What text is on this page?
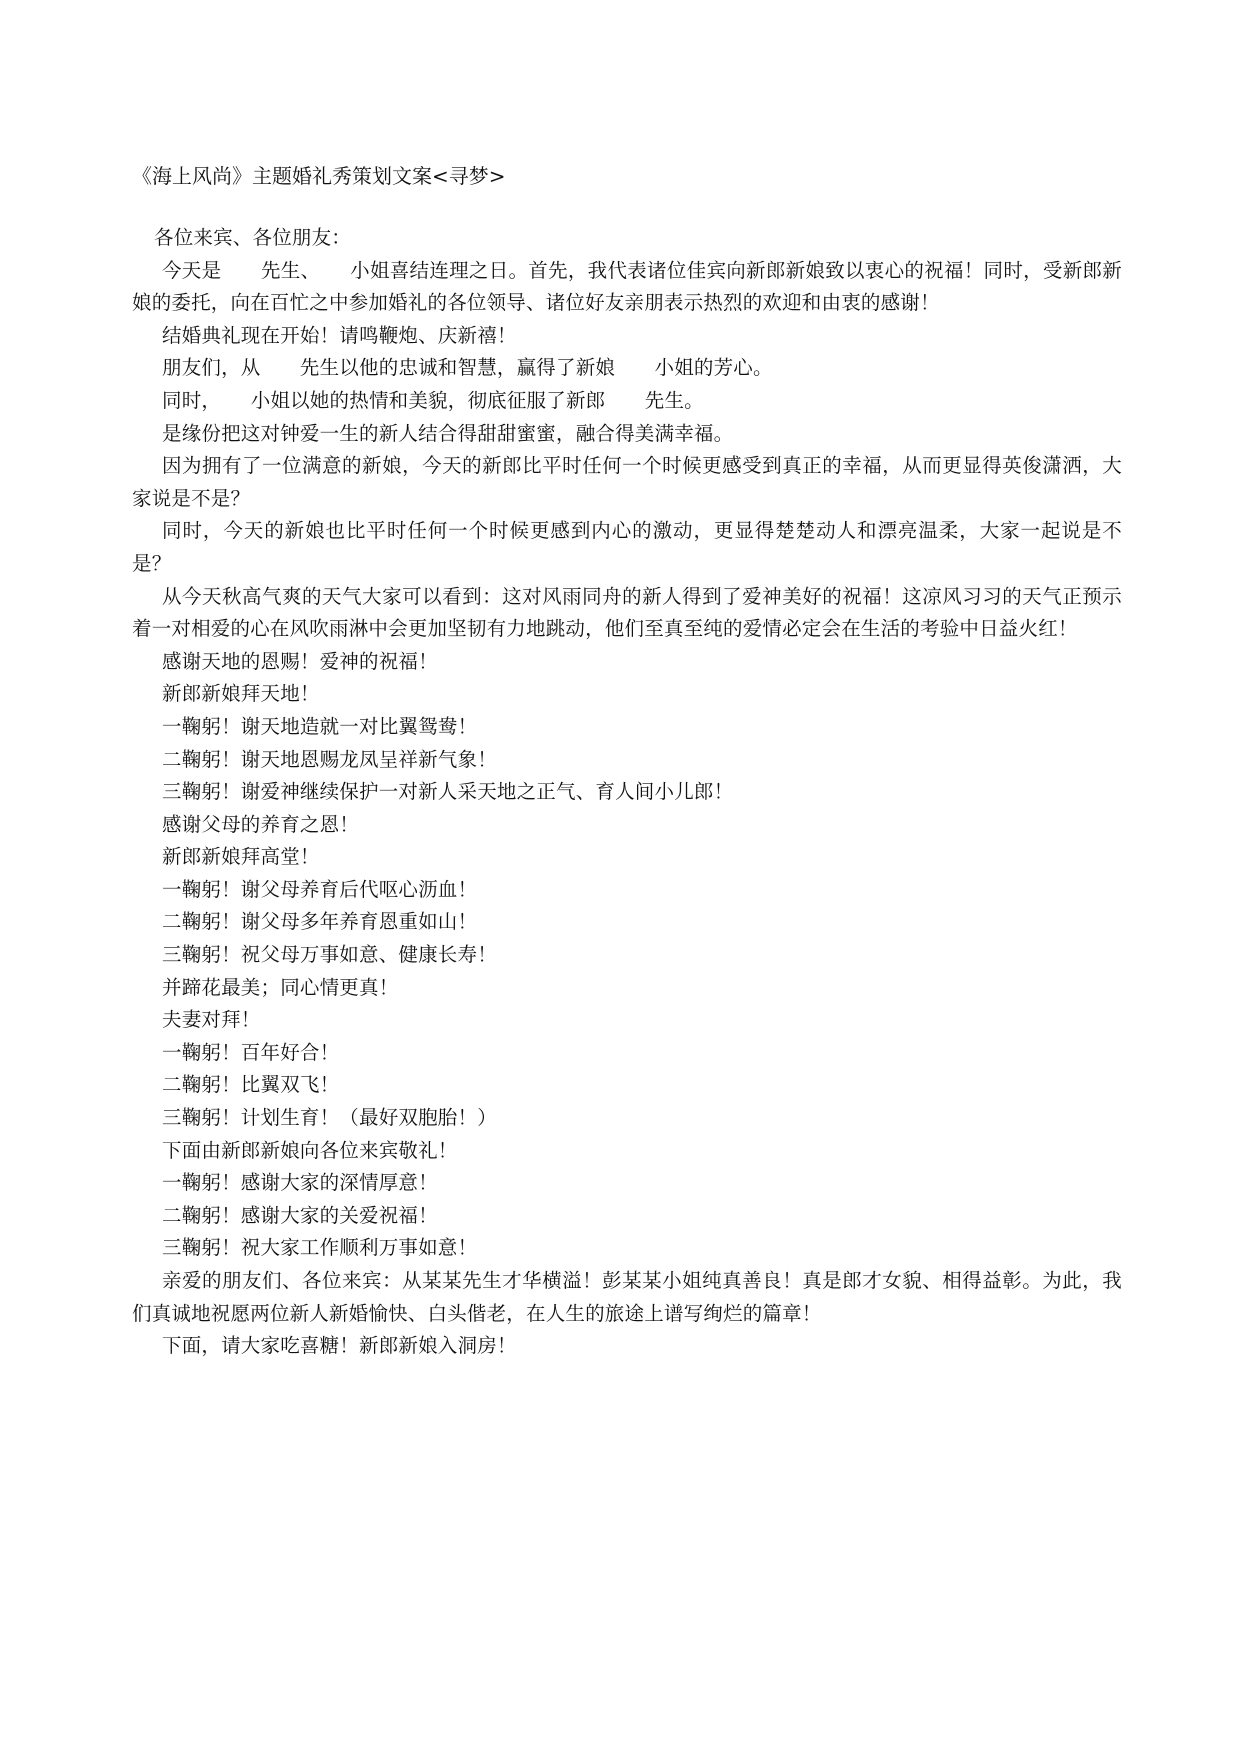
《海上风尚》主题婚礼秀策划文案<寻梦>

各位来宾、各位朋友：

今天是　　先生、　　小姐喜结连理之日。首先，我代表诸位佳宾向新郎新娘致以衷心的祝福！同时，受新郎新娘的委托，向在百忙之中参加婚礼的各位领导、诸位好友亲朋表示热烈的欢迎和由衷的感谢！

结婚典礼现在开始！请鸣鞭炮、庆新禧！

朋友们，从　　先生以他的忠诚和智慧，赢得了新娘　　小姐的芳心。

同时，　　小姐以她的热情和美貌，彻底征服了新郎　　先生。

是缘份把这对钟爱一生的新人结合得甜甜蜜蜜，融合得美满幸福。

因为拥有了一位满意的新娘，今天的新郎比平时任何一个时候更感受到真正的幸福，从而更显得英俊潇洒，大家说是不是？

同时，今天的新娘也比平时任何一个时候更感到内心的激动，更显得楚楚动人和漂亮温柔，大家一起说是不是？

从今天秋高气爽的天气大家可以看到：这对风雨同舟的新人得到了爱神美好的祝福！这凉风习习的天气正预示着一对相爱的心在风吹雨淋中会更加坚韧有力地跳动，他们至真至纯的爱情必定会在生活的考验中日益火红！

感谢天地的恩赐！爱神的祝福！

新郎新娘拜天地！

一鞠躬！谢天地造就一对比翼鸳鸯！

二鞠躬！谢天地恩赐龙凤呈祥新气象！

三鞠躬！谢爱神继续保护一对新人采天地之正气、育人间小儿郎！

感谢父母的养育之恩！

新郎新娘拜高堂！

一鞠躬！谢父母养育后代呕心沥血！

二鞠躬！谢父母多年养育恩重如山！

三鞠躬！祝父母万事如意、健康长寿！

并蹄花最美；同心情更真！

夫妻对拜！

一鞠躬！百年好合！

二鞠躬！比翼双飞！

三鞠躬！计划生育！（最好双胞胎！）

下面由新郎新娘向各位来宾敬礼！

一鞠躬！感谢大家的深情厚意！

二鞠躬！感谢大家的关爱祝福！

三鞠躬！祝大家工作顺利万事如意！

亲爱的朋友们、各位来宾：从某某先生才华横溢！彭某某小姐纯真善良！真是郎才女貌、相得益彰。为此，我们真诚地祝愿两位新人新婚愉快、白头偕老，在人生的旅途上谱写绚烂的篇章！

下面，请大家吃喜糖！新郎新娘入洞房！
